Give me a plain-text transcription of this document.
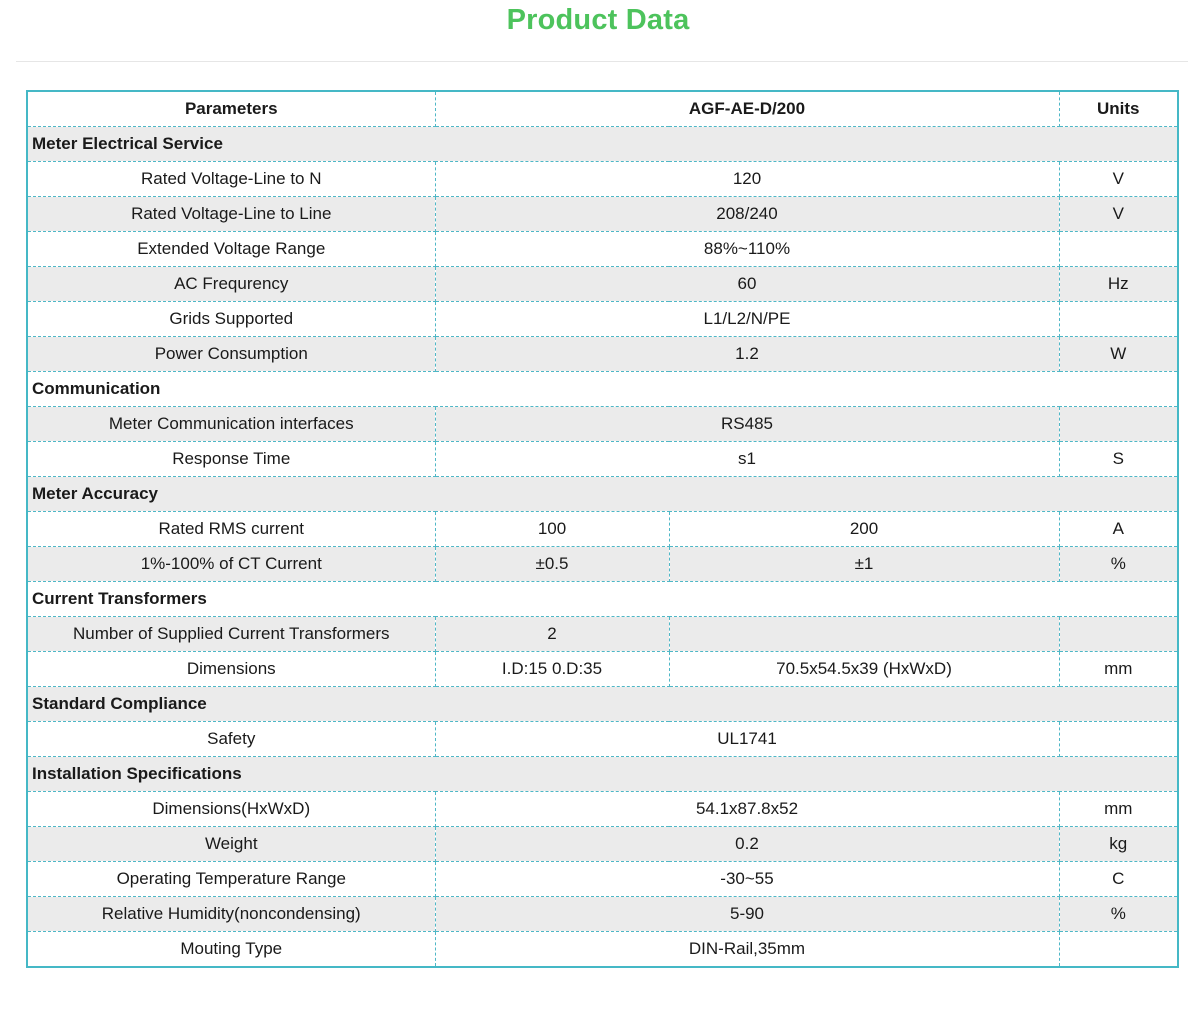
Product Data
Parameters	AGF-AE-D/200		Units
Meter Electrical Service			
Rated Voltage-Line to N	120		V
Rated Voltage-Line to Line	208/240		V
Extended Voltage Range	88%~110%		
AC Frequrency	60		Hz
Grids Supported	L1/L2/N/PE		
Power Consumption	1.2		W
Communication			
Meter Communication interfaces	RS485		
Response Time	s1		S
Meter Accuracy			
Rated RMS current	100	200	A
1%-100% of CT Current	±0.5	±1	%
Current Transformers			
Number of Supplied Current Transformers	2		
Dimensions	I.D:15 0.D:35	70.5x54.5x39 (HxWxD)	mm
Standard Compliance			
Safety	UL1741		
Installation Specifications			
Dimensions(HxWxD)	54.1x87.8x52		mm
Weight	0.2		kg
Operating Temperature Range	-30~55		C
Relative Humidity(noncondensing)	5-90		%
Mouting Type	DIN-Rail,35mm		
